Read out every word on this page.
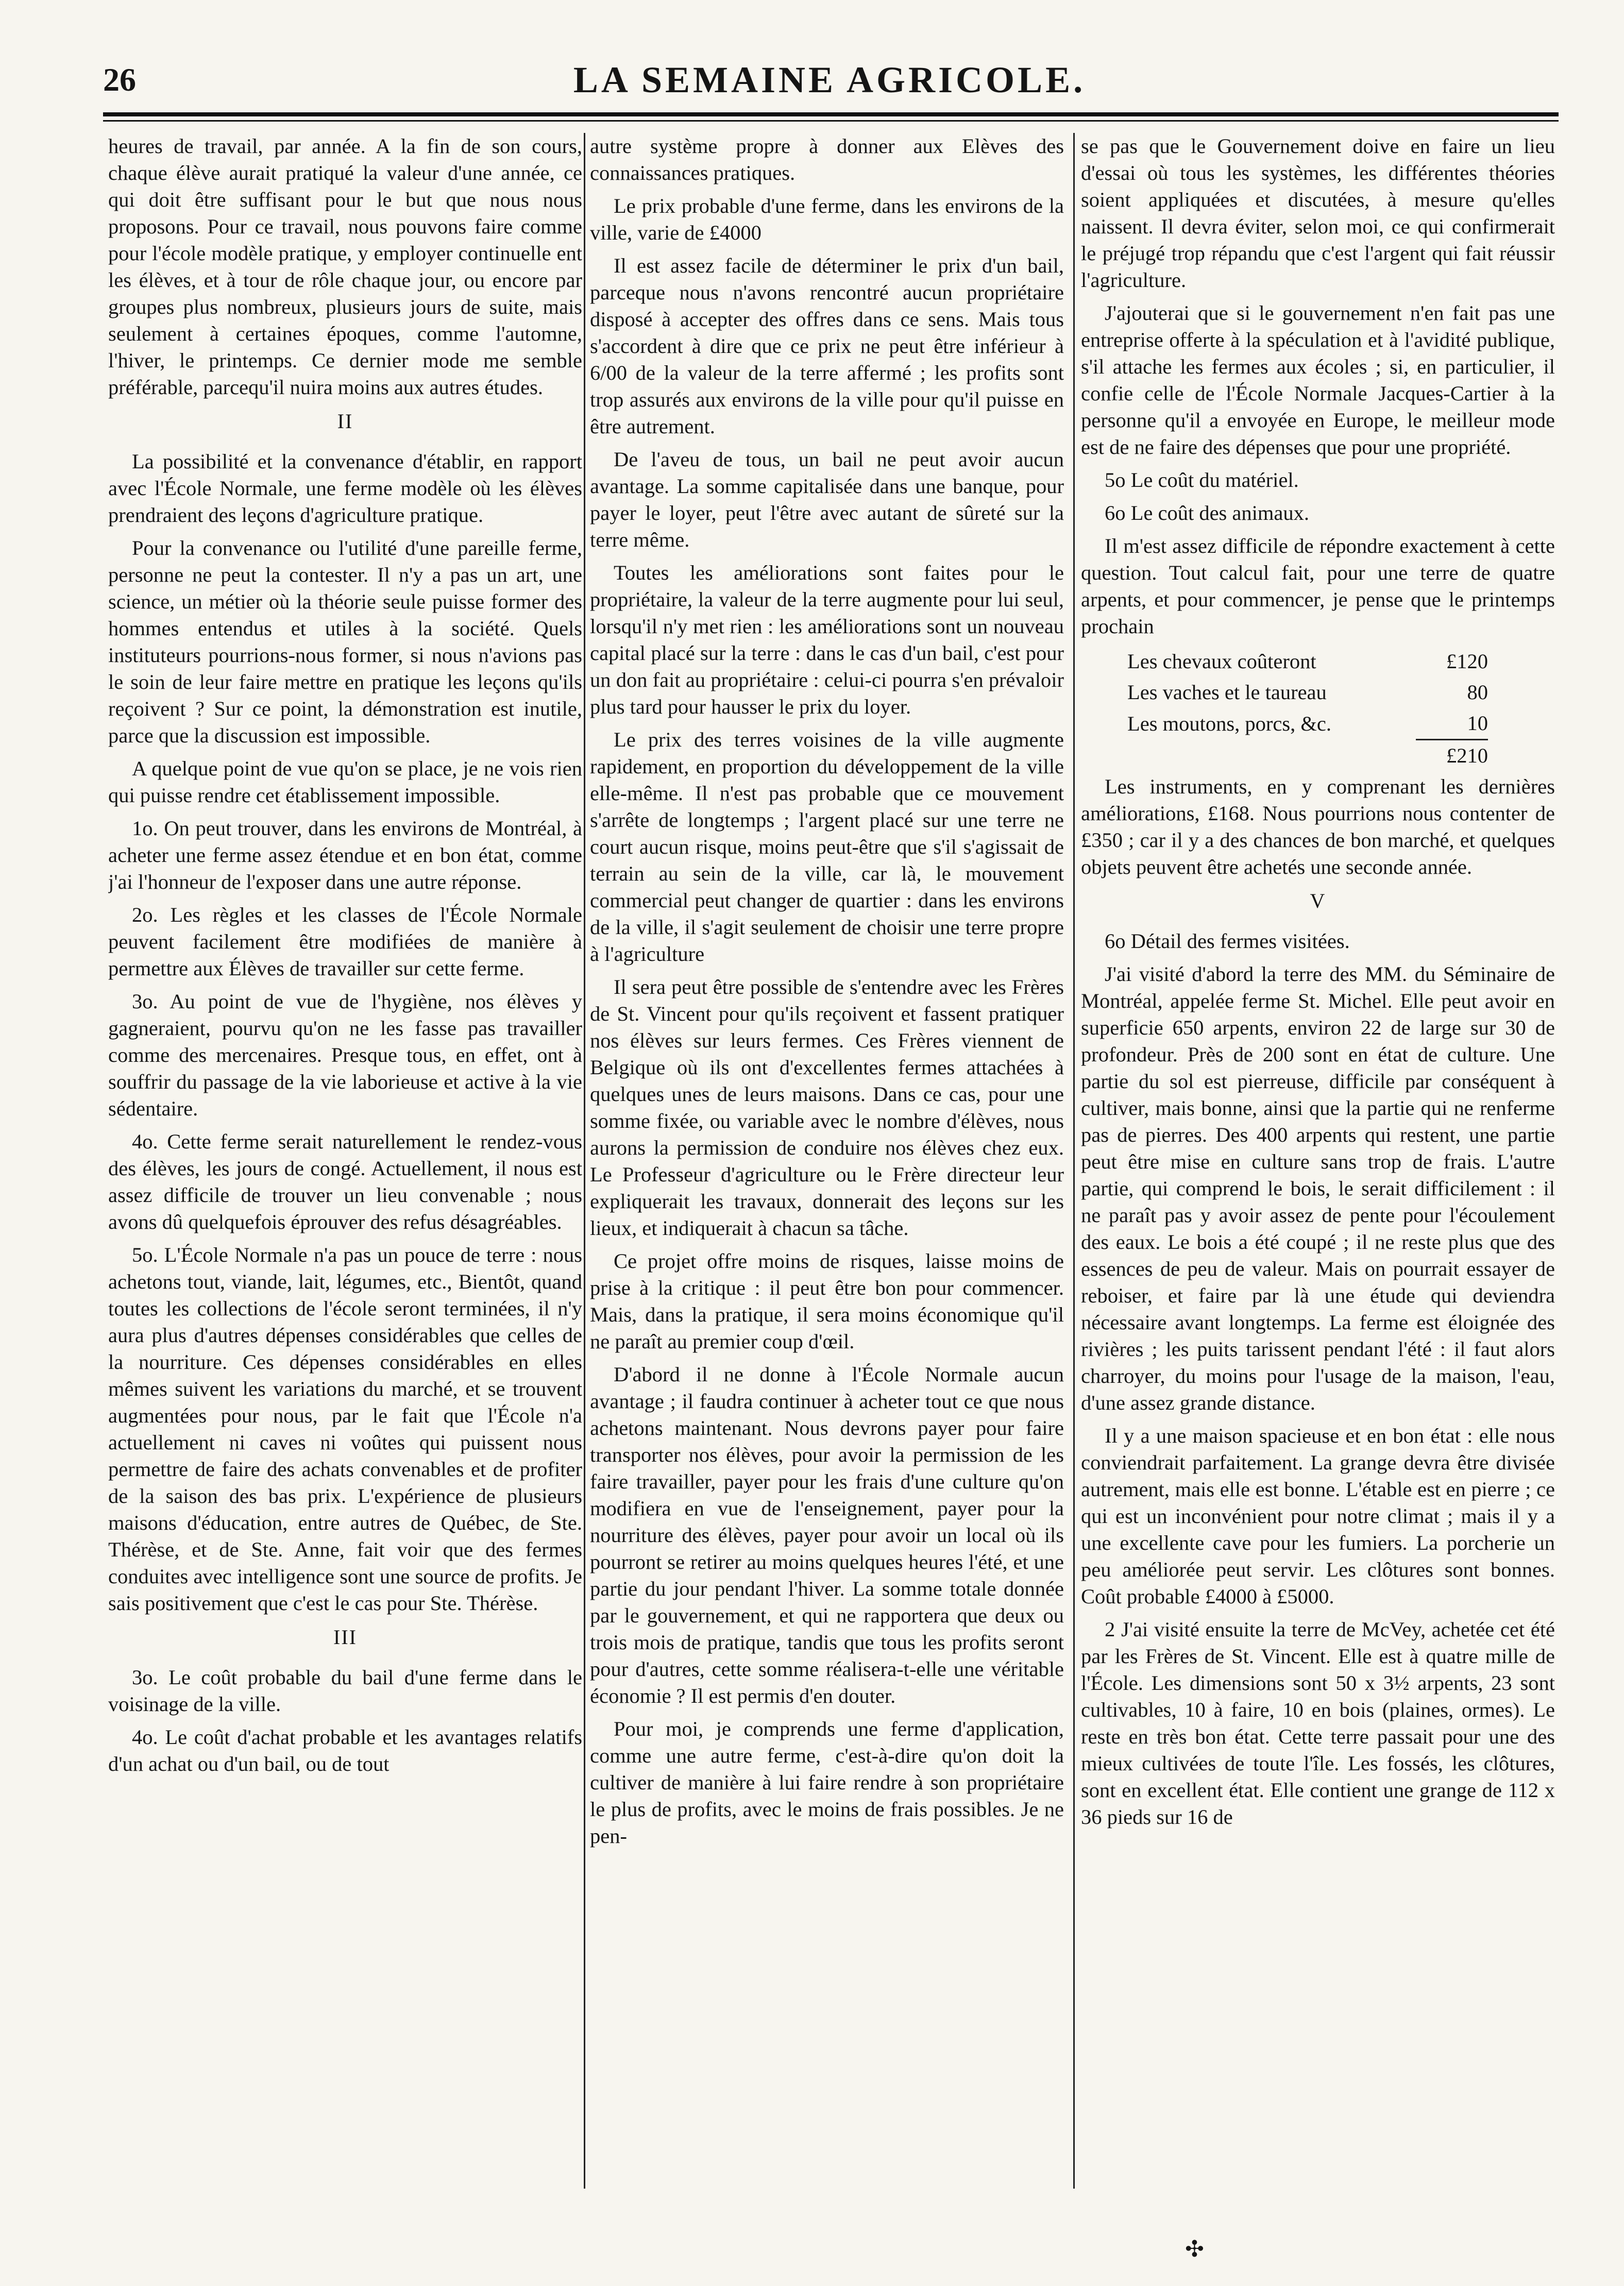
26	LA SEMAINE AGRICOLE.

heures de travail, par année. A la fin de son cours, chaque élève aurait pratiqué la valeur d'une année, ce qui doit être suffisant pour le but que nous nous proposons. Pour ce travail, nous pouvons faire comme pour l'école modèle pratique, y employer continuelle ent les élèves, et à tour de rôle chaque jour, ou encore par groupes plus nombreux, plusieurs jours de suite, mais seulement à certaines époques, comme l'automne, l'hiver, le printemps. Ce dernier mode me semble préférable, parcequ'il nuira moins aux autres études.

II

La possibilité et la convenance d'établir, en rapport avec l'École Normale, une ferme modèle où les élèves prendraient des leçons d'agriculture pratique.

Pour la convenance ou l'utilité d'une pareille ferme, personne ne peut la contester. Il n'y a pas un art, une science, un métier où la théorie seule puisse former des hommes entendus et utiles à la société. Quels instituteurs pourrions-nous former, si nous n'avions pas le soin de leur faire mettre en pratique les leçons qu'ils reçoivent ? Sur ce point, la démonstration est inutile, parce que la discussion est impossible.

A quelque point de vue qu'on se place, je ne vois rien qui puisse rendre cet établissement impossible.

1o. On peut trouver, dans les environs de Montréal, à acheter une ferme assez étendue et en bon état, comme j'ai l'honneur de l'exposer dans une autre réponse.

2o. Les règles et les classes de l'École Normale peuvent facilement être modifiées de manière à permettre aux Élèves de travailler sur cette ferme.

3o. Au point de vue de l'hygiène, nos élèves y gagneraient, pourvu qu'on ne les fasse pas travailler comme des mercenaires. Presque tous, en effet, ont à souffrir du passage de la vie laborieuse et active à la vie sédentaire.

4o. Cette ferme serait naturellement le rendez-vous des élèves, les jours de congé. Actuellement, il nous est assez difficile de trouver un lieu convenable ; nous avons dû quelquefois éprouver des refus désagréables.

5o. L'École Normale n'a pas un pouce de terre : nous achetons tout, viande, lait, légumes, etc., Bientôt, quand toutes les collections de l'école seront terminées, il n'y aura plus d'autres dépenses considérables que celles de la nourriture. Ces dépenses considérables en elles mêmes suivent les variations du marché, et se trouvent augmentées pour nous, par le fait que l'École n'a actuellement ni caves ni voûtes qui puissent nous permettre de faire des achats convenables et de profiter de la saison des bas prix. L'expérience de plusieurs maisons d'éducation, entre autres de Québec, de Ste. Thérèse, et de Ste. Anne, fait voir que des fermes conduites avec intelligence sont une source de profits. Je sais positivement que c'est le cas pour Ste. Thérèse.

III

3o. Le coût probable du bail d'une ferme dans le voisinage de la ville.

4o. Le coût d'achat probable et les avantages relatifs d'un achat ou d'un bail, ou de tout

autre système propre à donner aux Elèves des connaissances pratiques.

Le prix probable d'une ferme, dans les environs de la ville, varie de £4000

Il est assez facile de déterminer le prix d'un bail, parceque nous n'avons rencontré aucun propriétaire disposé à accepter des offres dans ce sens. Mais tous s'accordent à dire que ce prix ne peut être inférieur à 6/00 de la valeur de la terre affermé ; les profits sont trop assurés aux environs de la ville pour qu'il puisse en être autrement.

De l'aveu de tous, un bail ne peut avoir aucun avantage. La somme capitalisée dans une banque, pour payer le loyer, peut l'être avec autant de sûreté sur la terre même.

Toutes les améliorations sont faites pour le propriétaire, la valeur de la terre augmente pour lui seul, lorsqu'il n'y met rien : les améliorations sont un nouveau capital placé sur la terre : dans le cas d'un bail, c'est pour un don fait au propriétaire : celui-ci pourra s'en prévaloir plus tard pour hausser le prix du loyer.

Le prix des terres voisines de la ville augmente rapidement, en proportion du développement de la ville elle-même. Il n'est pas probable que ce mouvement s'arrête de longtemps ; l'argent placé sur une terre ne court aucun risque, moins peut-être que s'il s'agissait de terrain au sein de la ville, car là, le mouvement commercial peut changer de quartier : dans les environs de la ville, il s'agit seulement de choisir une terre propre à l'agriculture

Il sera peut être possible de s'entendre avec les Frères de St. Vincent pour qu'ils reçoivent et fassent pratiquer nos élèves sur leurs fermes. Ces Frères viennent de Belgique où ils ont d'excellentes fermes attachées à quelques unes de leurs maisons. Dans ce cas, pour une somme fixée, ou variable avec le nombre d'élèves, nous aurons la permission de conduire nos élèves chez eux. Le Professeur d'agriculture ou le Frère directeur leur expliquerait les travaux, donnerait des leçons sur les lieux, et indiquerait à chacun sa tâche.

Ce projet offre moins de risques, laisse moins de prise à la critique : il peut être bon pour commencer. Mais, dans la pratique, il sera moins économique qu'il ne paraît au premier coup d'œil.

D'abord il ne donne à l'École Normale aucun avantage ; il faudra continuer à acheter tout ce que nous achetons maintenant. Nous devrons payer pour faire transporter nos élèves, pour avoir la permission de les faire travailler, payer pour les frais d'une culture qu'on modifiera en vue de l'enseignement, payer pour la nourriture des élèves, payer pour avoir un local où ils pourront se retirer au moins quelques heures l'été, et une partie du jour pendant l'hiver. La somme totale donnée par le gouvernement, et qui ne rapportera que deux ou trois mois de pratique, tandis que tous les profits seront pour d'autres, cette somme réalisera-t-elle une véritable économie ? Il est permis d'en douter.

Pour moi, je comprends une ferme d'application, comme une autre ferme, c'est-à-dire qu'on doit la cultiver de manière à lui faire rendre à son propriétaire le plus de profits, avec le moins de frais possibles. Je ne pen-

se pas que le Gouvernement doive en faire un lieu d'essai où tous les systèmes, les différentes théories soient appliquées et discutées, à mesure qu'elles naissent. Il devra éviter, selon moi, ce qui confirmerait le préjugé trop répandu que c'est l'argent qui fait réussir l'agriculture.

J'ajouterai que si le gouvernement n'en fait pas une entreprise offerte à la spéculation et à l'avidité publique, s'il attache les fermes aux écoles ; si, en particulier, il confie celle de l'École Normale Jacques-Cartier à la personne qu'il a envoyée en Europe, le meilleur mode est de ne faire des dépenses que pour une propriété.

5o Le coût du matériel.

6o Le coût des animaux.

Il m'est assez difficile de répondre exactement à cette question. Tout calcul fait, pour une terre de quatre arpents, et pour commencer, je pense que le printemps prochain

Les chevaux coûteront	£120
Les vaches et le taureau	80
Les moutons, porcs, &c.	10
	£210

Les instruments, en y comprenant les dernières améliorations, £168. Nous pourrions nous contenter de £350 ; car il y a des chances de bon marché, et quelques objets peuvent être achetés une seconde année.

V

6o Détail des fermes visitées.

J'ai visité d'abord la terre des MM. du Séminaire de Montréal, appelée ferme St. Michel. Elle peut avoir en superficie 650 arpents, environ 22 de large sur 30 de profondeur. Près de 200 sont en état de culture. Une partie du sol est pierreuse, difficile par conséquent à cultiver, mais bonne, ainsi que la partie qui ne renferme pas de pierres. Des 400 arpents qui restent, une partie peut être mise en culture sans trop de frais. L'autre partie, qui comprend le bois, le serait difficilement : il ne paraît pas y avoir assez de pente pour l'écoulement des eaux. Le bois a été coupé ; il ne reste plus que des essences de peu de valeur. Mais on pourrait essayer de reboiser, et faire par là une étude qui deviendra nécessaire avant longtemps. La ferme est éloignée des rivières ; les puits tarissent pendant l'été : il faut alors charroyer, du moins pour l'usage de la maison, l'eau, d'une assez grande distance.

Il y a une maison spacieuse et en bon état : elle nous conviendrait parfaitement. La grange devra être divisée autrement, mais elle est bonne. L'étable est en pierre ; ce qui est un inconvénient pour notre climat ; mais il y a une excellente cave pour les fumiers. La porcherie un peu améliorée peut servir. Les clôtures sont bonnes. Coût probable £4000 à £5000.

2 J'ai visité ensuite la terre de McVey, achetée cet été par les Frères de St. Vincent. Elle est à quatre mille de l'École. Les dimensions sont 50 x 3½ arpents, 23 sont cultivables, 10 à faire, 10 en bois (plaines, ormes). Le reste en très bon état. Cette terre passait pour une des mieux cultivées de toute l'île. Les fossés, les clôtures, sont en excellent état. Elle contient une grange de 112 x 36 pieds sur 16 de

✣
